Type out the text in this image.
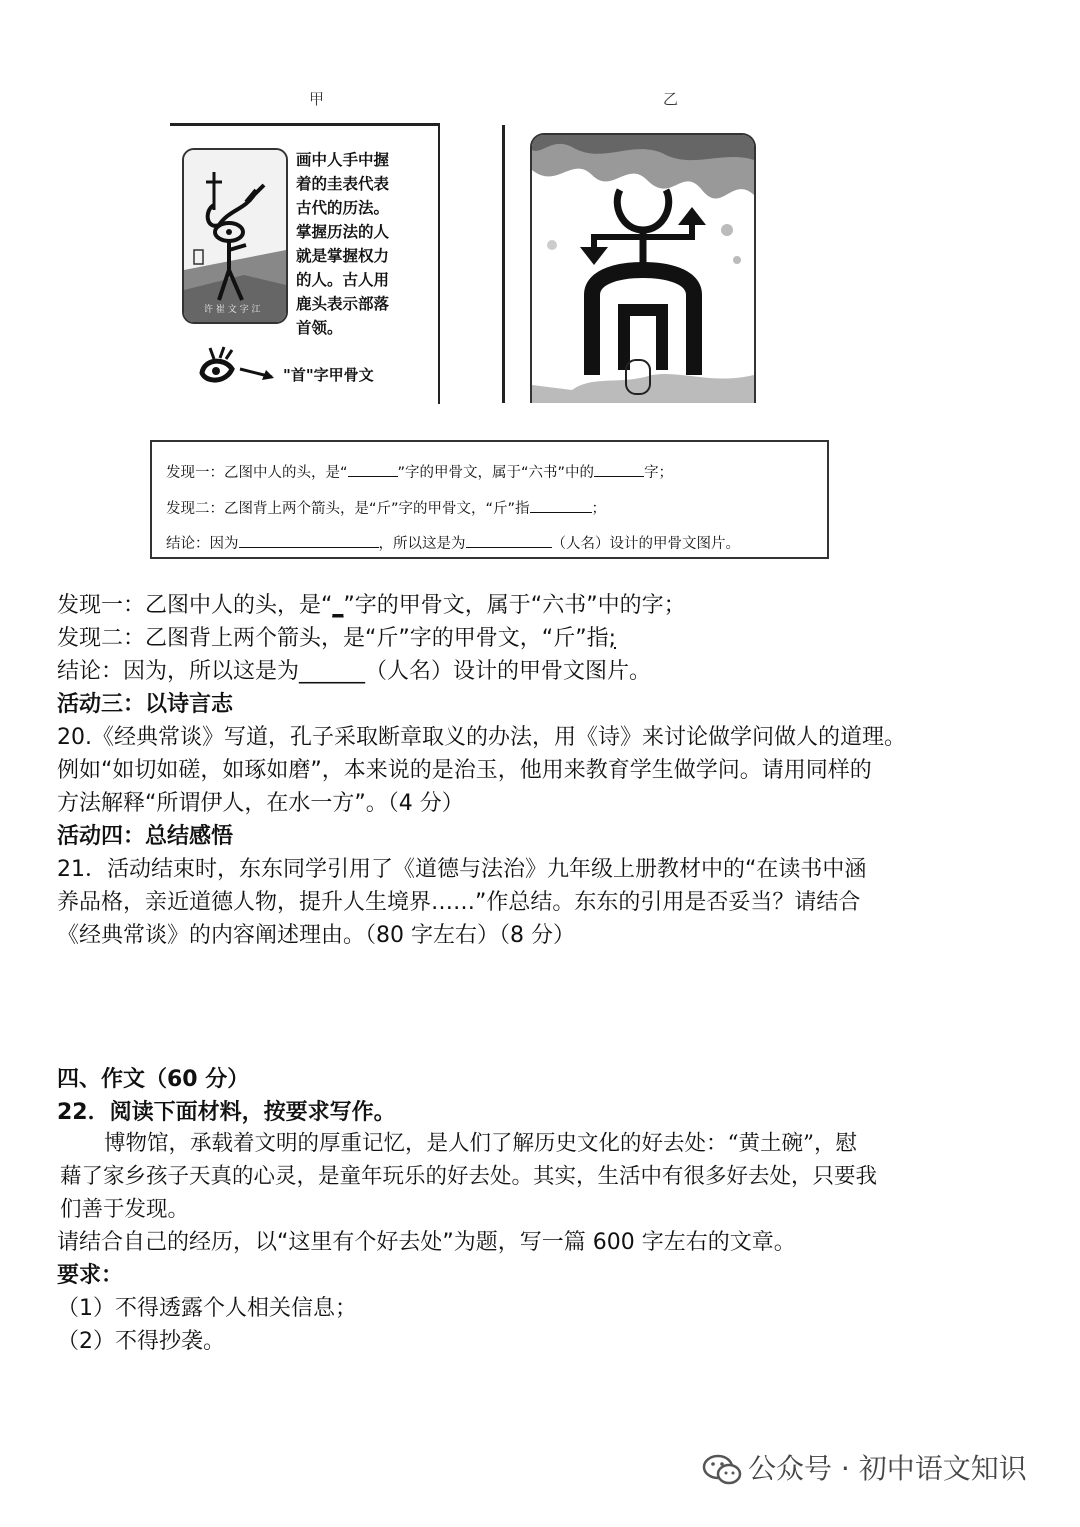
甲	乙
许 崔 文 字 江
画中人手中握
着的圭表代表
古代的历法。
掌握历法的人
就是掌握权力
的人。古人用
鹿头表示部落
首领。
"首"字甲骨文
发现一：乙图中人的头，是“	”字的甲骨文，属于“六书”中的	字；
发现二：乙图背上两个箭头，是“斤”字的甲骨文，“斤”指	；
结论：因为	，所以这是为	（人名）设计的甲骨文图片。
发现一：乙图中人的头，是“_”字的甲骨文，属于“六书”中的字；
发现二：乙图背上两个箭头，是“斤”字的甲骨文，“斤”指;
结论：因为，所以这是为______（人名）设计的甲骨文图片。
活动三：以诗言志
20.《经典常谈》写道，孔子采取断章取义的办法，用《诗》来讨论做学问做人的道理。
例如“如切如磋，如琢如磨”，本来说的是治玉，他用来教育学生做学问。请用同样的
方法解释“所谓伊人，在水一方”。（4 分）
活动四：总结感悟
21．活动结束时，东东同学引用了《道德与法治》九年级上册教材中的“在读书中涵
养品格，亲近道德人物，提升人生境界……”作总结。东东的引用是否妥当？请结合
《经典常谈》的内容阐述理由。（80 字左右）（8 分）
四、作文（60 分）
22．阅读下面材料，按要求写作。
博物馆，承载着文明的厚重记忆，是人们了解历史文化的好去处：“黄土碗”，慰
藉了家乡孩子天真的心灵，是童年玩乐的好去处。其实，生活中有很多好去处，只要我
们善于发现。
请结合自己的经历，以“这里有个好去处”为题，写一篇 600 字左右的文章。
要求：
（1）不得透露个人相关信息；
（2）不得抄袭。
公众号 · 初中语文知识
